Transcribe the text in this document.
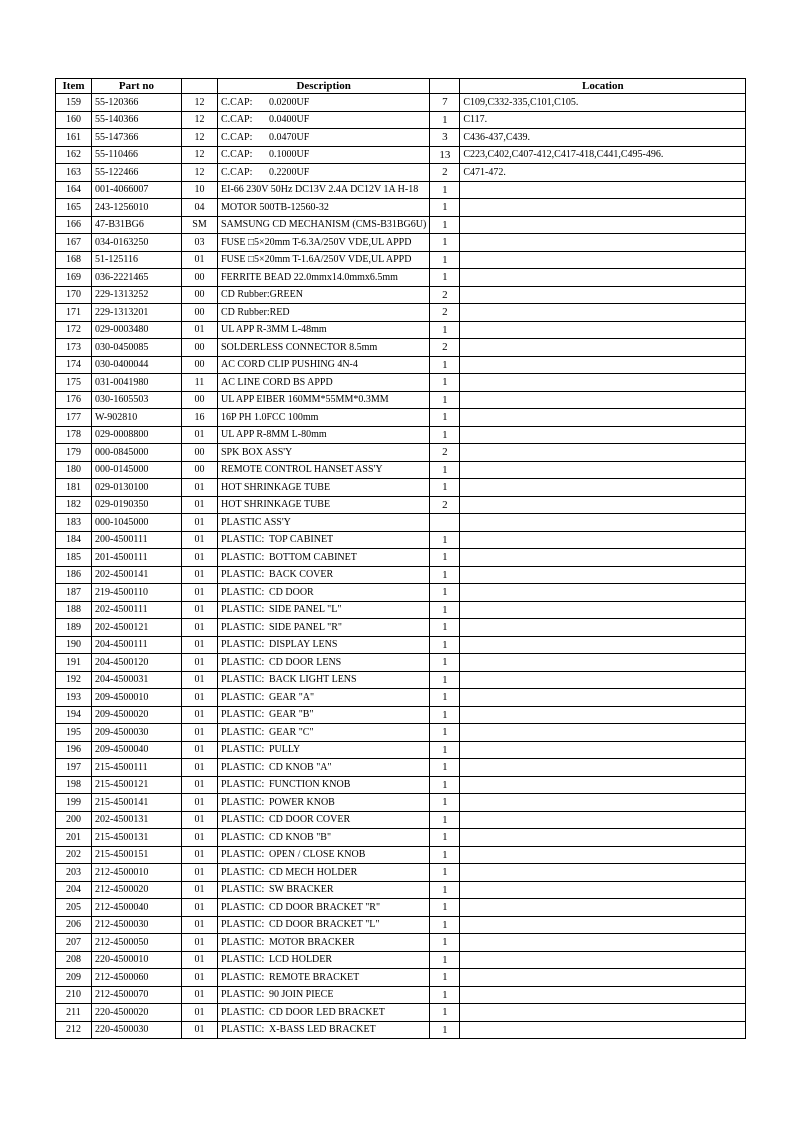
Item	Part no		Description		Location
159	55-120366	12	C.CAP: 0.0200UF	7	C109,C332-335,C101,C105.
160	55-140366	12	C.CAP: 0.0400UF	1	C117.
161	55-147366	12	C.CAP: 0.0470UF	3	C436-437,C439.
162	55-110466	12	C.CAP: 0.1000UF	13	C223,C402,C407-412,C417-418,C441,C495-496.
163	55-122466	12	C.CAP: 0.2200UF	2	C471-472.
164	001-4066007	10	EI-66 230V 50Hz DC13V 2.4A DC12V 1A H-18	1	
165	243-1256010	04	MOTOR 500TB-12560-32	1	
166	47-B31BG6	SM	SAMSUNG CD MECHANISM (CMS-B31BG6U)	1	
167	034-0163250	03	FUSE □5×20mm T-6.3A/250V VDE,UL APPD	1	
168	51-125116	01	FUSE □5×20mm T-1.6A/250V VDE,UL APPD	1	
169	036-2221465	00	FERRITE BEAD 22.0mmx14.0mmx6.5mm	1	
170	229-1313252	00	CD Rubber:GREEN	2	
171	229-1313201	00	CD Rubber:RED	2	
172	029-0003480	01	UL APP R-3MM L-48mm	1	
173	030-0450085	00	SOLDERLESS CONNECTOR 8.5mm	2	
174	030-0400044	00	AC CORD CLIP PUSHING 4N-4	1	
175	031-0041980	11	AC LINE CORD BS APPD	1	
176	030-1605503	00	UL APP EIBER 160MM*55MM*0.3MM	1	
177	W-902810	16	16P PH 1.0FCC 100mm	1	
178	029-0008800	01	UL APP R-8MM L-80mm	1	
179	000-0845000	00	SPK BOX ASS'Y	2	
180	000-0145000	00	REMOTE CONTROL HANSET ASS'Y	1	
181	029-0130100	01	HOT SHRINKAGE TUBE	1	
182	029-0190350	01	HOT SHRINKAGE TUBE	2	
183	000-1045000	01	PLASTIC ASS'Y		
184	200-4500111	01	PLASTIC: TOP CABINET	1	
185	201-4500111	01	PLASTIC: BOTTOM CABINET	1	
186	202-4500141	01	PLASTIC: BACK COVER	1	
187	219-4500110	01	PLASTIC: CD DOOR	1	
188	202-4500111	01	PLASTIC: SIDE PANEL "L"	1	
189	202-4500121	01	PLASTIC: SIDE PANEL "R"	1	
190	204-4500111	01	PLASTIC: DISPLAY LENS	1	
191	204-4500120	01	PLASTIC: CD DOOR LENS	1	
192	204-4500031	01	PLASTIC: BACK LIGHT LENS	1	
193	209-4500010	01	PLASTIC: GEAR "A"	1	
194	209-4500020	01	PLASTIC: GEAR "B"	1	
195	209-4500030	01	PLASTIC: GEAR "C"	1	
196	209-4500040	01	PLASTIC: PULLY	1	
197	215-4500111	01	PLASTIC: CD KNOB "A"	1	
198	215-4500121	01	PLASTIC: FUNCTION KNOB	1	
199	215-4500141	01	PLASTIC: POWER KNOB	1	
200	202-4500131	01	PLASTIC: CD DOOR COVER	1	
201	215-4500131	01	PLASTIC: CD KNOB "B"	1	
202	215-4500151	01	PLASTIC: OPEN / CLOSE KNOB	1	
203	212-4500010	01	PLASTIC: CD MECH HOLDER	1	
204	212-4500020	01	PLASTIC: SW BRACKER	1	
205	212-4500040	01	PLASTIC: CD DOOR BRACKET "R"	1	
206	212-4500030	01	PLASTIC: CD DOOR BRACKET "L"	1	
207	212-4500050	01	PLASTIC: MOTOR BRACKER	1	
208	220-4500010	01	PLASTIC: LCD HOLDER	1	
209	212-4500060	01	PLASTIC: REMOTE BRACKET	1	
210	212-4500070	01	PLASTIC: 90 JOIN PIECE	1	
211	220-4500020	01	PLASTIC: CD DOOR LED BRACKET	1	
212	220-4500030	01	PLASTIC: X-BASS LED BRACKET	1	
